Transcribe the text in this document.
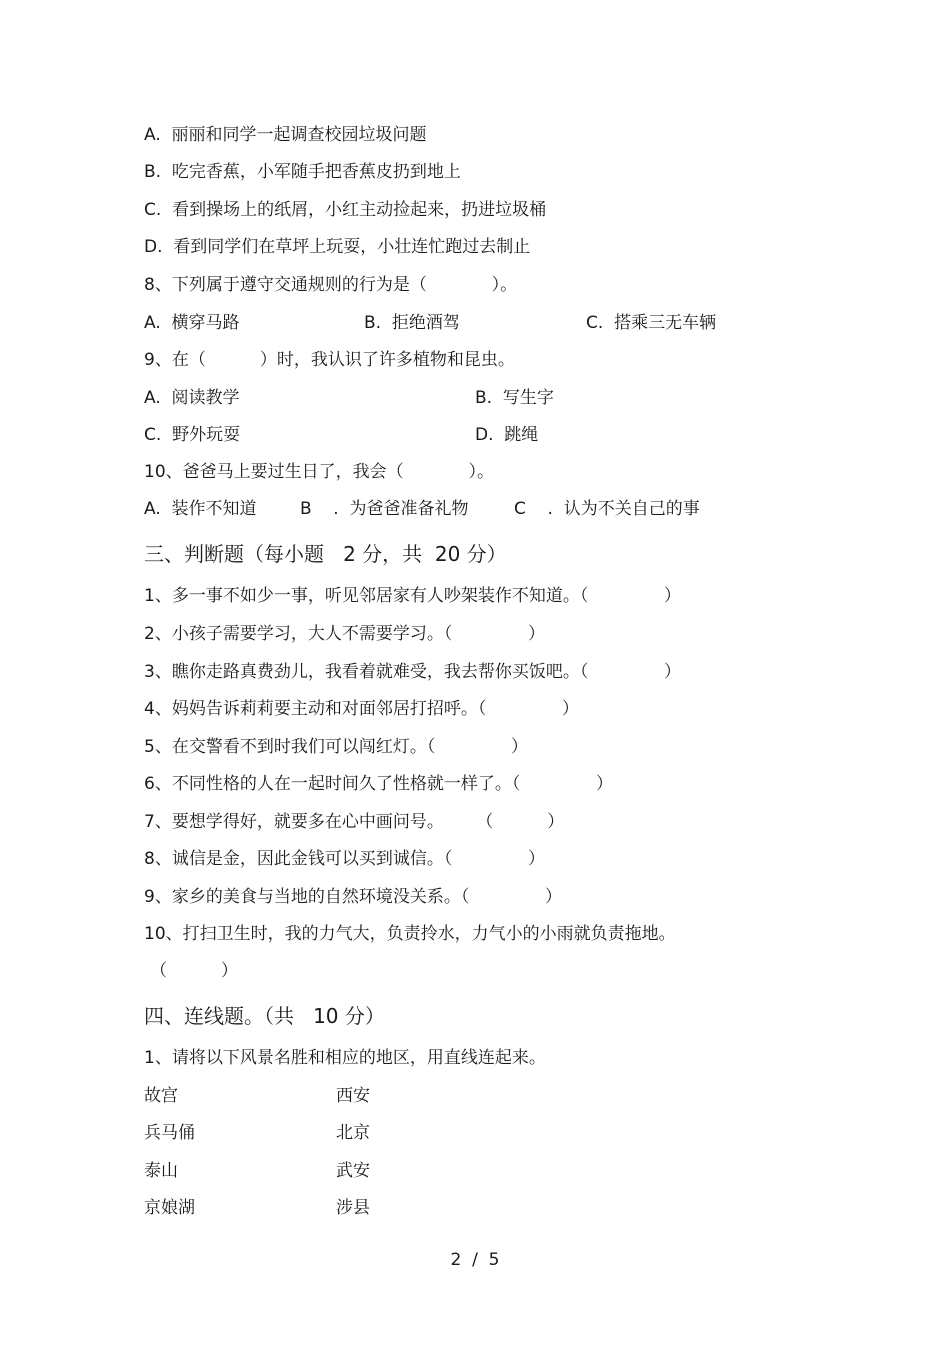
A.  丽丽和同学一起调查校园垃圾问题
B.  吃完香蕉，小军随手把香蕉皮扔到地上
C.  看到操场上的纸屑，小红主动捡起来，扔进垃圾桶
D.  看到同学们在草坪上玩耍，小壮连忙跑过去制止
8、下列属于遵守交通规则的行为是（            ）。
A.  横穿马路	B.  拒绝酒驾	C.  搭乘三无车辆
9、在（          ）时，我认识了许多植物和昆虫。
A.  阅读教学	B.  写生字
C.  野外玩耍	D.  跳绳
10、爸爸马上要过生日了，我会（            ）。
A.  装作不知道	B    .  为爸爸准备礼物	C    .  认为不关自己的事
三、判断题（每小题   2 分，共  20 分）
1、多一事不如少一事，听见邻居家有人吵架装作不知道。（              ）
2、小孩子需要学习，大人不需要学习。（              ）
3、瞧你走路真费劲儿，我看着就难受，我去帮你买饭吧。（              ）
4、妈妈告诉莉莉要主动和对面邻居打招呼。（              ）
5、在交警看不到时我们可以闯红灯。（              ）
6、不同性格的人在一起时间久了性格就一样了。（              ）
7、要想学得好，就要多在心中画问号。      （          ）
8、诚信是金，因此金钱可以买到诚信。（              ）
9、家乡的美食与当地的自然环境没关系。（              ）
10、打扫卫生时，我的力气大，负责拎水，力气小的小雨就负责拖地。
（          ）
四、连线题。（共   10 分）
1、请将以下风景名胜和相应的地区，用直线连起来。
故宫	西安
兵马俑	北京
泰山	武安
京娘湖	涉县
2  /  5
